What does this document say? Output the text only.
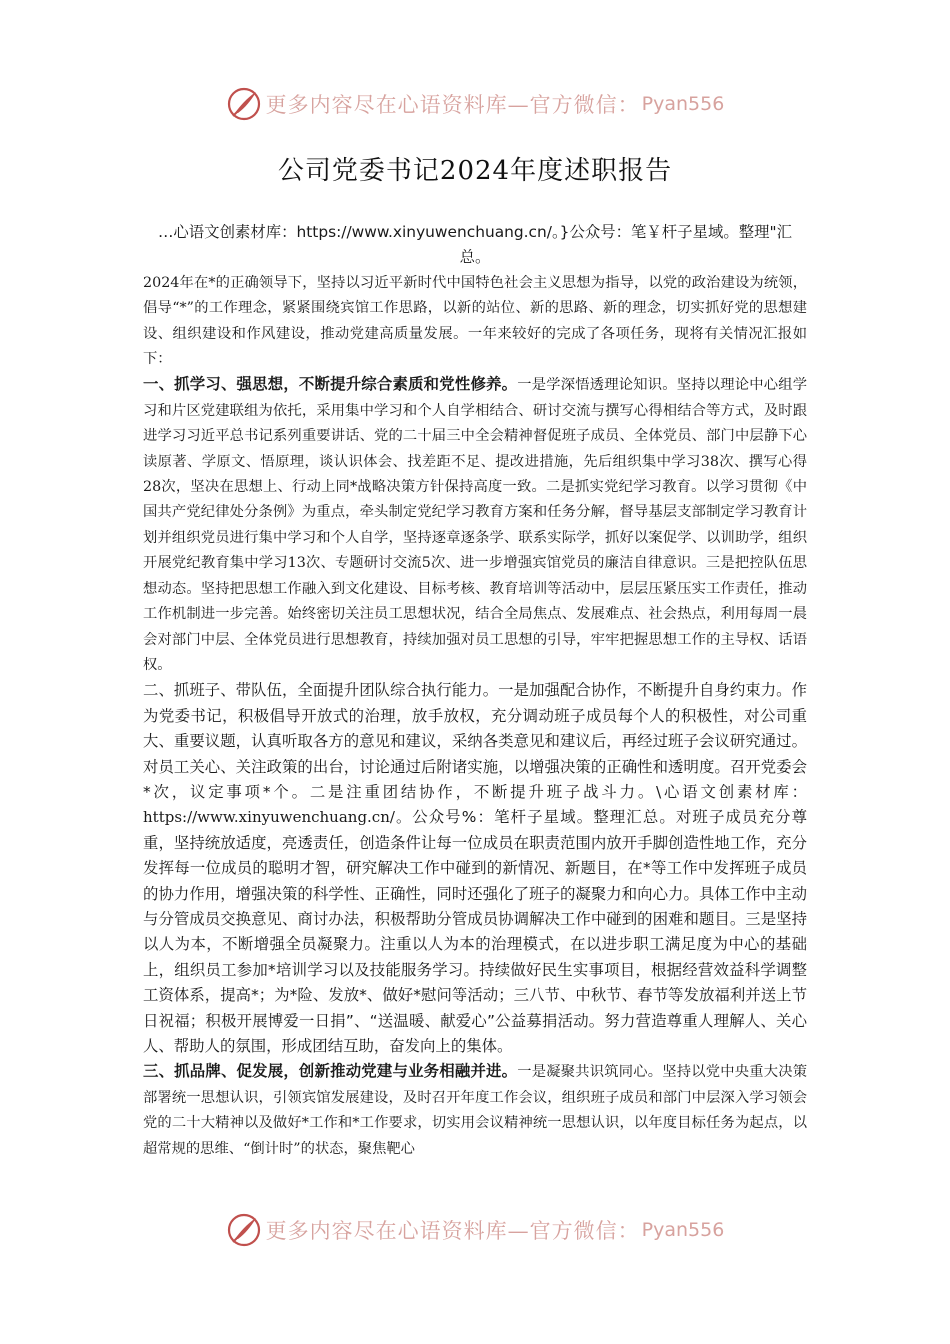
更多内容尽在心语资料库—官方微信： Pyan556
公司党委书记2024年度述职报告

…心语文创素材库：https://www.xinyuwenchuang.cn/。}公众号：笔￥杆子星域。整理"汇总。

2024年在*的正确领导下，坚持以习近平新时代中国特色社会主义思想为指导，以党的政治建设为统领，倡导“*”的工作理念，紧紧围绕宾馆工作思路，以新的站位、新的思路、新的理念，切实抓好党的思想建设、组织建设和作风建设，推动党建高质量发展。一年来较好的完成了各项任务，现将有关情况汇报如下：

一、抓学习、强思想，不断提升综合素质和党性修养。一是学深悟透理论知识。坚持以理论中心组学习和片区党建联组为依托，采用集中学习和个人自学相结合、研讨交流与撰写心得相结合等方式，及时跟进学习习近平总书记系列重要讲话、党的二十届三中全会精神督促班子成员、全体党员、部门中层静下心读原著、学原文、悟原理，谈认识体会、找差距不足、提改进措施，先后组织集中学习38次、撰写心得28次，坚决在思想上、行动上同*战略决策方针保持高度一致。二是抓实党纪学习教育。以学习贯彻《中国共产党纪律处分条例》为重点，牵头制定党纪学习教育方案和任务分解，督导基层支部制定学习教育计划并组织党员进行集中学习和个人自学，坚持逐章逐条学、联系实际学，抓好以案促学、以训助学，组织开展党纪教育集中学习13次、专题研讨交流5次、进一步增强宾馆党员的廉洁自律意识。三是把控队伍思想动态。坚持把思想工作融入到文化建设、目标考核、教育培训等活动中，层层压紧压实工作责任，推动工作机制进一步完善。始终密切关注员工思想状况，结合全局焦点、发展难点、社会热点，利用每周一晨会对部门中层、全体党员进行思想教育，持续加强对员工思想的引导，牢牢把握思想工作的主导权、话语权。

二、抓班子、带队伍，全面提升团队综合执行能力。一是加强配合协作，不断提升自身约束力。作为党委书记，积极倡导开放式的治理，放手放权，充分调动班子成员每个人的积极性，对公司重大、重要议题，认真听取各方的意见和建议，采纳各类意见和建议后，再经过班子会议研究通过。对员工关心、关注政策的出台，讨论通过后附诸实施，以增强决策的正确性和透明度。召开党委会*次，议定事项*个。二是注重团结协作，不断提升班子战斗力。\心语文创素材库：https://www.xinyuwenchuang.cn/。公众号%：笔杆子星域。整理汇总。对班子成员充分尊重，坚持统放适度，亮透责任，创造条件让每一位成员在职责范围内放开手脚创造性地工作，充分发挥每一位成员的聪明才智，研究解决工作中碰到的新情况、新题目，在*等工作中发挥班子成员的协力作用，增强决策的科学性、正确性，同时还强化了班子的凝聚力和向心力。具体工作中主动与分管成员交换意见、商讨办法，积极帮助分管成员协调解决工作中碰到的困难和题目。三是坚持以人为本，不断增强全员凝聚力。注重以人为本的治理模式，在以进步职工满足度为中心的基础上，组织员工参加*培训学习以及技能服务学习。持续做好民生实事项目，根据经营效益科学调整工资体系，提高*；为*险、发放*、做好*慰问等活动；三八节、中秋节、春节等发放福利并送上节日祝福；积极开展博爱一日捐”、“送温暖、献爱心”公益募捐活动。努力营造尊重人理解人、关心人、帮助人的氛围，形成团结互助，奋发向上的集体。

三、抓品牌、促发展，创新推动党建与业务相融并进。一是凝聚共识筑同心。坚持以党中央重大决策部署统一思想认识，引领宾馆发展建设，及时召开年度工作会议，组织班子成员和部门中层深入学习领会党的二十大精神以及做好*工作和*工作要求，切实用会议精神统一思想认识，以年度目标任务为起点，以超常规的思维、“倒计时”的状态，聚焦靶心

更多内容尽在心语资料库—官方微信： Pyan556
